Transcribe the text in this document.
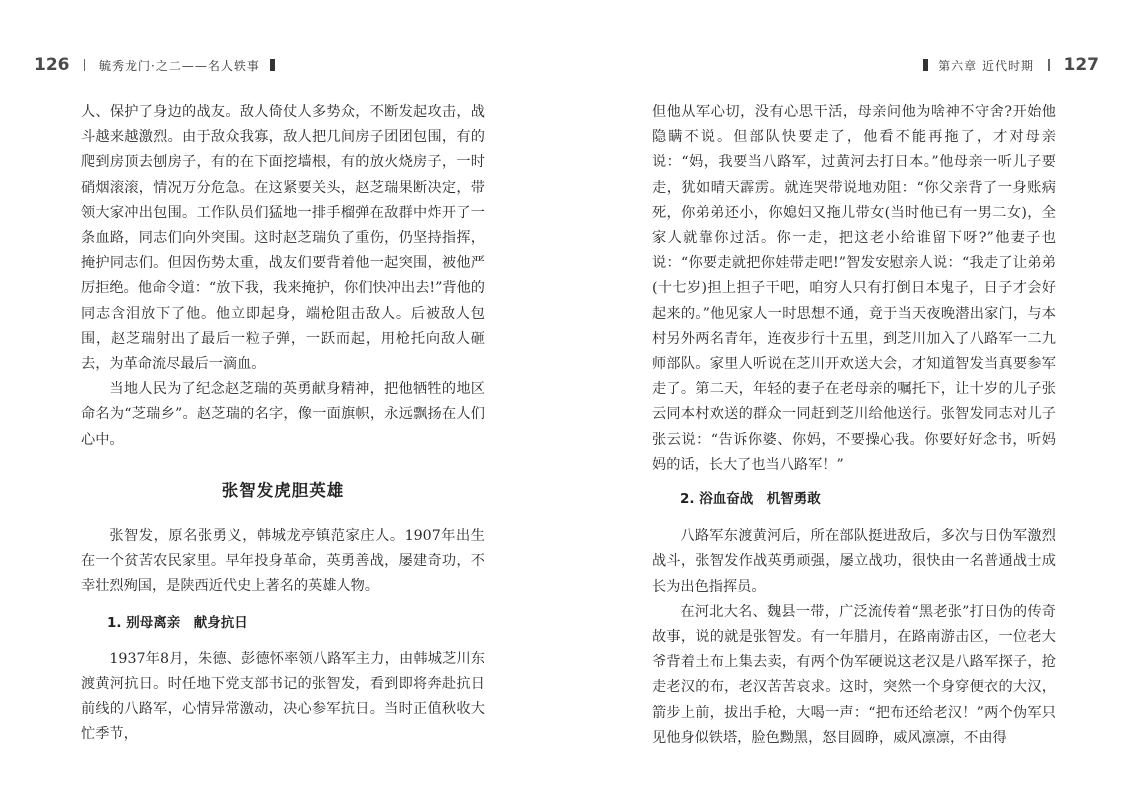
126 毓秀龙门·之二——名人轶事	第六章 近代时期 127

人、保护了身边的战友。敌人倚仗人多势众，不断发起攻击，战斗越来越激烈。由于敌众我寡，敌人把几间房子团团包围，有的爬到房顶去刨房子，有的在下面挖墙根，有的放火烧房子，一时硝烟滚滚，情况万分危急。在这紧要关头，赵芝瑞果断决定，带领大家冲出包围。工作队员们猛地一排手榴弹在敌群中炸开了一条血路，同志们向外突围。这时赵芝瑞负了重伤，仍坚持指挥，掩护同志们。但因伤势太重，战友们要背着他一起突围，被他严厉拒绝。他命令道：“放下我，我来掩护，你们快冲出去!”背他的同志含泪放下了他。他立即起身，端枪阻击敌人。后被敌人包围，赵芝瑞射出了最后一粒子弹，一跃而起，用枪托向敌人砸去，为革命流尽最后一滴血。

当地人民为了纪念赵芝瑞的英勇献身精神，把他牺牲的地区命名为“芝瑞乡”。赵芝瑞的名字，像一面旗帜，永远飘扬在人们心中。

张智发虎胆英雄

张智发，原名张勇义，韩城龙亭镇范家庄人。1907年出生在一个贫苦农民家里。早年投身革命，英勇善战，屡建奇功，不幸壮烈殉国，是陕西近代史上著名的英雄人物。

1. 别母离亲　献身抗日

1937年8月，朱德、彭德怀率领八路军主力，由韩城芝川东渡黄河抗日。时任地下党支部书记的张智发，看到即将奔赴抗日前线的八路军，心情异常激动，决心参军抗日。当时正值秋收大忙季节，

但他从军心切，没有心思干活，母亲问他为啥神不守舍?开始他隐瞒不说。但部队快要走了，他看不能再拖了，才对母亲说：“妈，我要当八路军，过黄河去打日本。”他母亲一听儿子要走，犹如晴天霹雳。就连哭带说地劝阻：“你父亲背了一身账病死，你弟弟还小，你媳妇又拖儿带女(当时他已有一男二女)，全家人就靠你过活。你一走，把这老小给谁留下呀?”他妻子也说：“你要走就把你娃带走吧!”智发安慰亲人说：“我走了让弟弟(十七岁)担上担子干吧，咱穷人只有打倒日本鬼子，日子才会好起来的。”他见家人一时思想不通，竟于当天夜晚潜出家门，与本村另外两名青年，连夜步行十五里，到芝川加入了八路军一二九师部队。家里人听说在芝川开欢送大会，才知道智发当真要参军走了。第二天，年轻的妻子在老母亲的嘱托下，让十岁的儿子张云同本村欢送的群众一同赶到芝川给他送行。张智发同志对儿子张云说：“告诉你婆、你妈，不要操心我。你要好好念书，听妈妈的话，长大了也当八路军！”

2. 浴血奋战　机智勇敢

八路军东渡黄河后，所在部队挺进敌后，多次与日伪军激烈战斗，张智发作战英勇顽强，屡立战功，很快由一名普通战士成长为出色指挥员。

在河北大名、魏县一带，广泛流传着“黑老张”打日伪的传奇故事，说的就是张智发。有一年腊月，在路南游击区，一位老大爷背着土布上集去卖，有两个伪军硬说这老汉是八路军探子，抢走老汉的布，老汉苦苦哀求。这时，突然一个身穿便衣的大汉，箭步上前，拔出手枪，大喝一声：“把布还给老汉！”两个伪军只见他身似铁塔，脸色黝黑，怒目圆睁，威风凛凛，不由得
